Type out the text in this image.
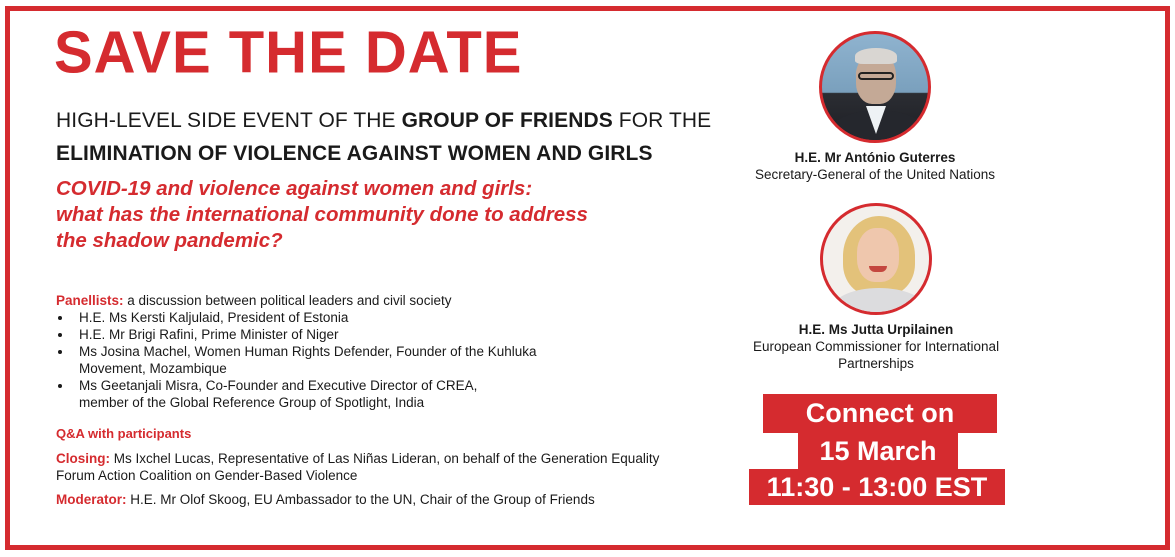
SAVE THE DATE
HIGH-LEVEL SIDE EVENT OF THE GROUP OF FRIENDS FOR THE
ELIMINATION OF VIOLENCE AGAINST WOMEN AND GIRLS
COVID-19 and violence against women and girls:
what has the international community done to address
the shadow pandemic?
Panellists: a discussion between political leaders and civil society
H.E. Ms Kersti Kaljulaid, President of Estonia
H.E. Mr Brigi Rafini, Prime Minister of Niger
Ms Josina Machel, Women Human Rights Defender, Founder of the Kuhluka Movement, Mozambique
Ms Geetanjali Misra, Co-Founder and Executive Director of CREA, member of the Global Reference Group of Spotlight, India
Q&A with participants
Closing: Ms Ixchel Lucas, Representative of Las Niñas Lideran, on behalf of the Generation Equality Forum Action Coalition on Gender-Based Violence
Moderator: H.E. Mr Olof Skoog, EU Ambassador to the UN, Chair of the Group of Friends
H.E. Mr António Guterres
Secretary-General of the United Nations
H.E. Ms Jutta Urpilainen
European Commissioner for International
Partnerships
Connect on
15 March
11:30 - 13:00 EST
